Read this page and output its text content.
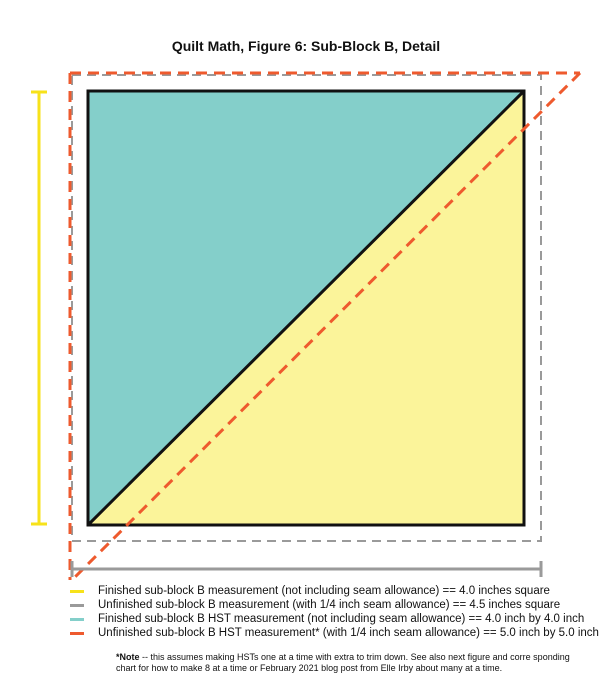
Quilt Math, Figure 6: Sub-Block B, Detail
Finished sub-block B measurement (not including seam allowance) == 4.0 inches square
Unfinished sub-block B measurement (with 1/4 inch seam allowance) == 4.5 inches square
Finished sub-block B HST measurement (not including seam allowance) == 4.0 inch by 4.0 inch
Unfinished sub-block B HST measurement* (with 1/4 inch seam allowance) == 5.0 inch by 5.0 inch
*Note -- this assumes making HSTs one at a time with extra to trim down. See also next figure and corre sponding chart for how to make 8 at a time or February 2021 blog post from Elle Irby about many at a time.
